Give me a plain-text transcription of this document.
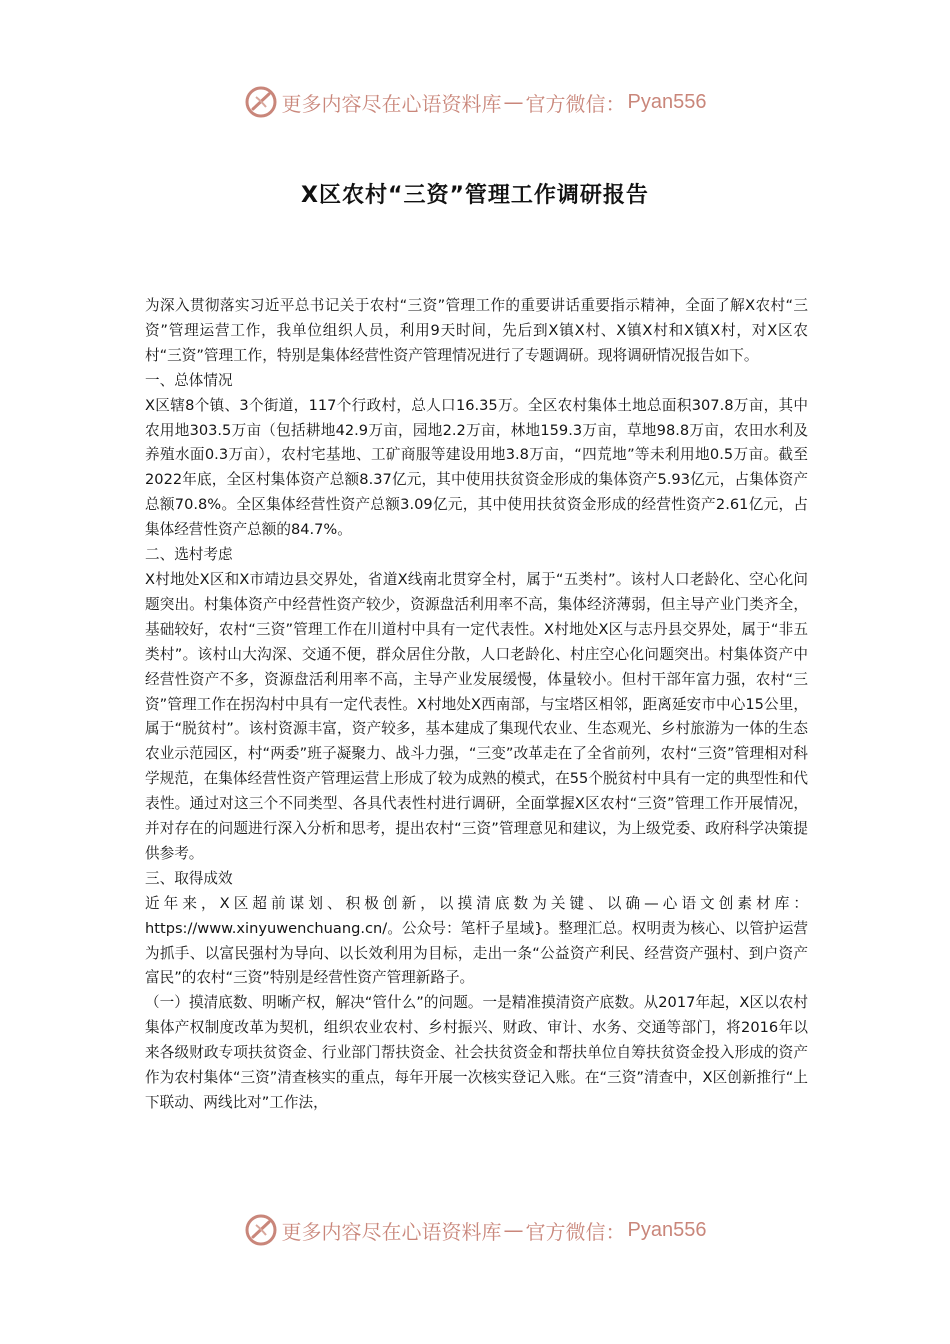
更多内容尽在心语资料库 — 官方微信： Pyan556
X区农村“三资”管理工作调研报告

为深入贯彻落实习近平总书记关于农村“三资”管理工作的重要讲话重要指示精神，全面了解X农村“三资”管理运营工作，我单位组织人员，利用9天时间，先后到X镇X村、X镇X村和X镇X村，对X区农村“三资”管理工作，特别是集体经营性资产管理情况进行了专题调研。现将调研情况报告如下。

一、总体情况

X区辖8个镇、3个街道，117个行政村，总人口16.35万。全区农村集体土地总面积307.8万亩，其中农用地303.5万亩（包括耕地42.9万亩，园地2.2万亩，林地159.3万亩，草地98.8万亩，农田水利及养殖水面0.3万亩），农村宅基地、工矿商服等建设用地3.8万亩，“四荒地”等未利用地0.5万亩。截至2022年底，全区村集体资产总额8.37亿元，其中使用扶贫资金形成的集体资产5.93亿元，占集体资产总额70.8%。全区集体经营性资产总额3.09亿元，其中使用扶贫资金形成的经营性资产2.61亿元，占集体经营性资产总额的84.7%。

二、选村考虑

X村地处X区和X市靖边县交界处，省道X线南北贯穿全村，属于“五类村”。该村人口老龄化、空心化问题突出。村集体资产中经营性资产较少，资源盘活利用率不高，集体经济薄弱，但主导产业门类齐全，基础较好，农村“三资”管理工作在川道村中具有一定代表性。X村地处X区与志丹县交界处，属于“非五类村”。该村山大沟深、交通不便，群众居住分散，人口老龄化、村庄空心化问题突出。村集体资产中经营性资产不多，资源盘活利用率不高，主导产业发展缓慢，体量较小。但村干部年富力强，农村“三资”管理工作在拐沟村中具有一定代表性。X村地处X西南部，与宝塔区相邻，距离延安市中心15公里，属于“脱贫村”。该村资源丰富，资产较多，基本建成了集现代农业、生态观光、乡村旅游为一体的生态农业示范园区，村“两委”班子凝聚力、战斗力强，“三变”改革走在了全省前列，农村“三资”管理相对科学规范，在集体经营性资产管理运营上形成了较为成熟的模式，在55个脱贫村中具有一定的典型性和代表性。通过对这三个不同类型、各具代表性村进行调研，全面掌握X区农村“三资”管理工作开展情况，并对存在的问题进行深入分析和思考，提出农村“三资”管理意见和建议，为上级党委、政府科学决策提供参考。

三、取得成效

近年来，X区超前谋划、积极创新，以摸清底数为关键、以确—心语文创素材库：https://www.xinyuwenchuang.cn/。公众号：笔杆子星域}。整理汇总。权明责为核心、以管护运营为抓手、以富民强村为导向、以长效利用为目标，走出一条“公益资产利民、经营资产强村、到户资产富民”的农村“三资”特别是经营性资产管理新路子。

（一）摸清底数、明晰产权，解决“管什么”的问题。一是精准摸清资产底数。从2017年起，X区以农村集体产权制度改革为契机，组织农业农村、乡村振兴、财政、审计、水务、交通等部门，将2016年以来各级财政专项扶贫资金、行业部门帮扶资金、社会扶贫资金和帮扶单位自筹扶贫资金投入形成的资产作为农村集体“三资”清查核实的重点，每年开展一次核实登记入账。在“三资”清查中，X区创新推行“上下联动、两线比对”工作法，

更多内容尽在心语资料库 — 官方微信： Pyan556
